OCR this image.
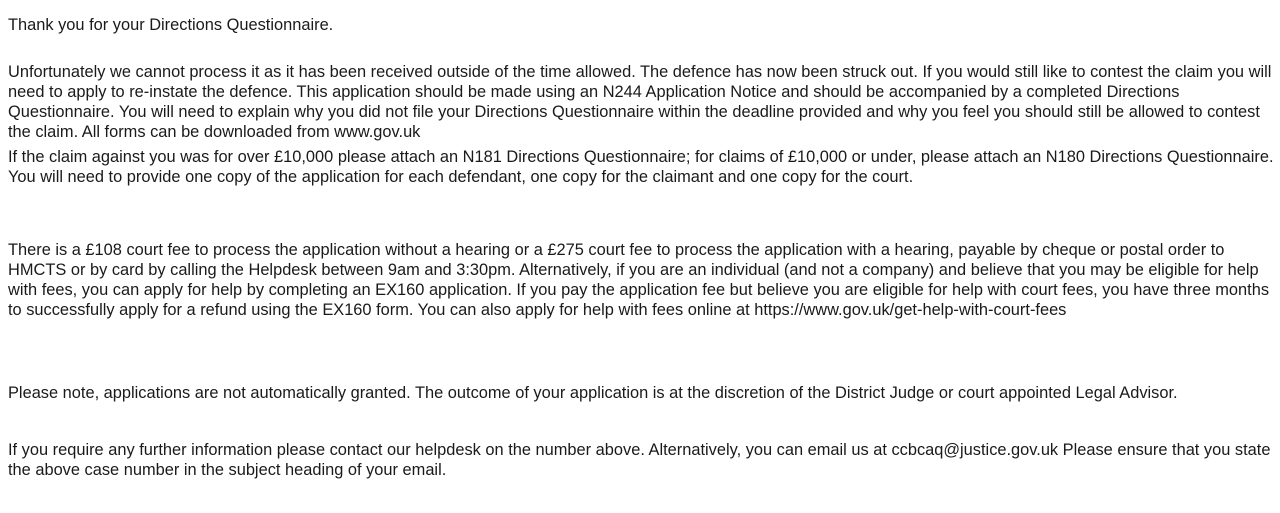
Thank you for your Directions Questionnaire.

Unfortunately we cannot process it as it has been received outside of the time allowed. The defence has now been struck out. If you would still like to contest the claim you will need to apply to re-instate the defence. This application should be made using an N244 Application Notice and should be accompanied by a completed Directions Questionnaire. You will need to explain why you did not file your Directions Questionnaire within the deadline provided and why you feel you should still be allowed to contest the claim. All forms can be downloaded from www.gov.uk

If the claim against you was for over £10,000 please attach an N181 Directions Questionnaire; for claims of £10,000 or under, please attach an N180 Directions Questionnaire. You will need to provide one copy of the application for each defendant, one copy for the claimant and one copy for the court.

There is a £108 court fee to process the application without a hearing or a £275 court fee to process the application with a hearing, payable by cheque or postal order to HMCTS or by card by calling the Helpdesk between 9am and 3:30pm. Alternatively, if you are an individual (and not a company) and believe that you may be eligible for help with fees, you can apply for help by completing an EX160 application. If you pay the application fee but believe you are eligible for help with court fees, you have three months to successfully apply for a refund using the EX160 form. You can also apply for help with fees online at https://www.gov.uk/get-help-with-court-fees

Please note, applications are not automatically granted. The outcome of your application is at the discretion of the District Judge or court appointed Legal Advisor.

If you require any further information please contact our helpdesk on the number above. Alternatively, you can email us at ccbcaq@justice.gov.uk Please ensure that you state the above case number in the subject heading of your email.
